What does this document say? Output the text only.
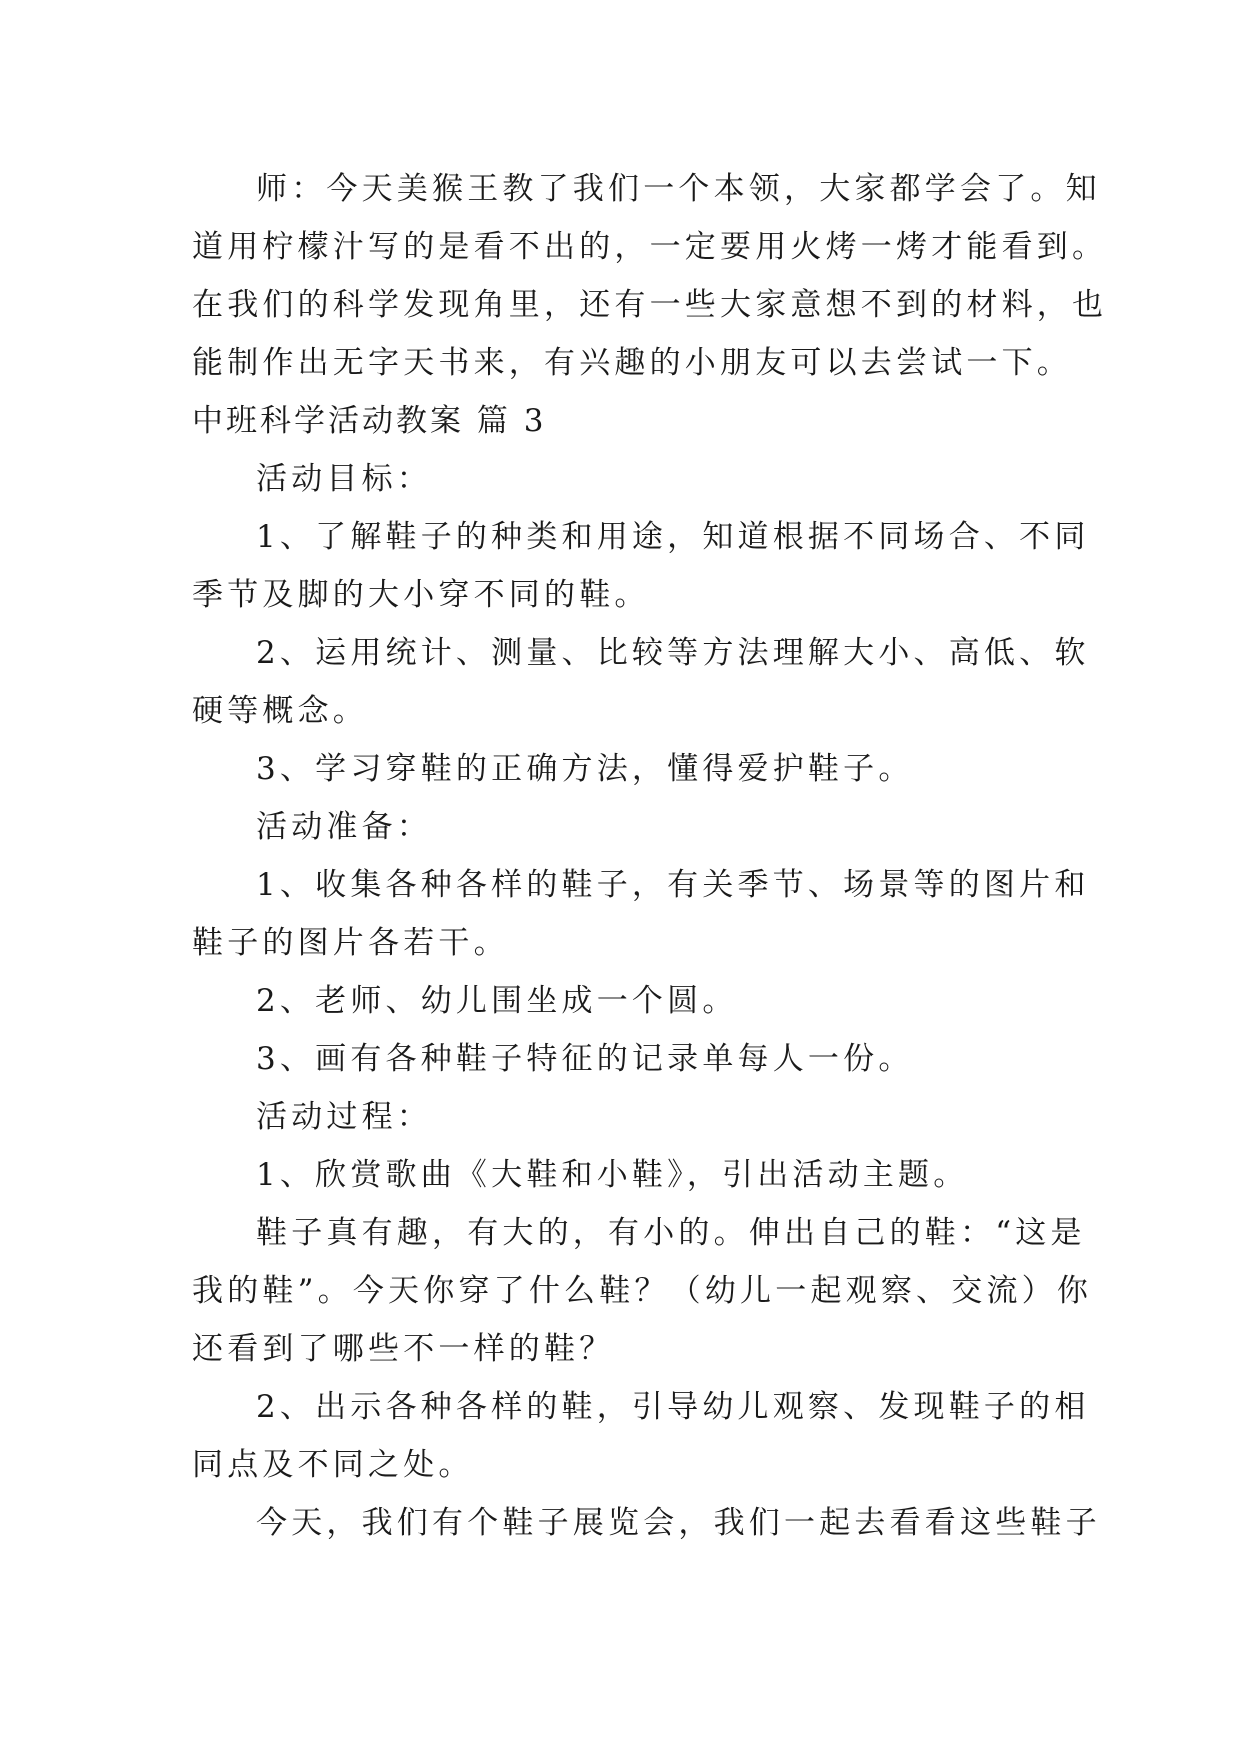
师：今天美猴王教了我们一个本领，大家都学会了。知
道用柠檬汁写的是看不出的，一定要用火烤一烤才能看到。
在我们的科学发现角里，还有一些大家意想不到的材料，也
能制作出无字天书来，有兴趣的小朋友可以去尝试一下。
中班科学活动教案 篇 3
活动目标：
1、了解鞋子的种类和用途，知道根据不同场合、不同
季节及脚的大小穿不同的鞋。
2、运用统计、测量、比较等方法理解大小、高低、软
硬等概念。
3、学习穿鞋的正确方法，懂得爱护鞋子。
活动准备：
1、收集各种各样的鞋子，有关季节、场景等的图片和
鞋子的图片各若干。
2、老师、幼儿围坐成一个圆。
3、画有各种鞋子特征的记录单每人一份。
活动过程：
1、欣赏歌曲《大鞋和小鞋》，引出活动主题。
鞋子真有趣，有大的，有小的。伸出自己的鞋：“这是
我的鞋”。今天你穿了什么鞋？（幼儿一起观察、交流）你
还看到了哪些不一样的鞋？
2、出示各种各样的鞋，引导幼儿观察、发现鞋子的相
同点及不同之处。
今天，我们有个鞋子展览会，我们一起去看看这些鞋子
